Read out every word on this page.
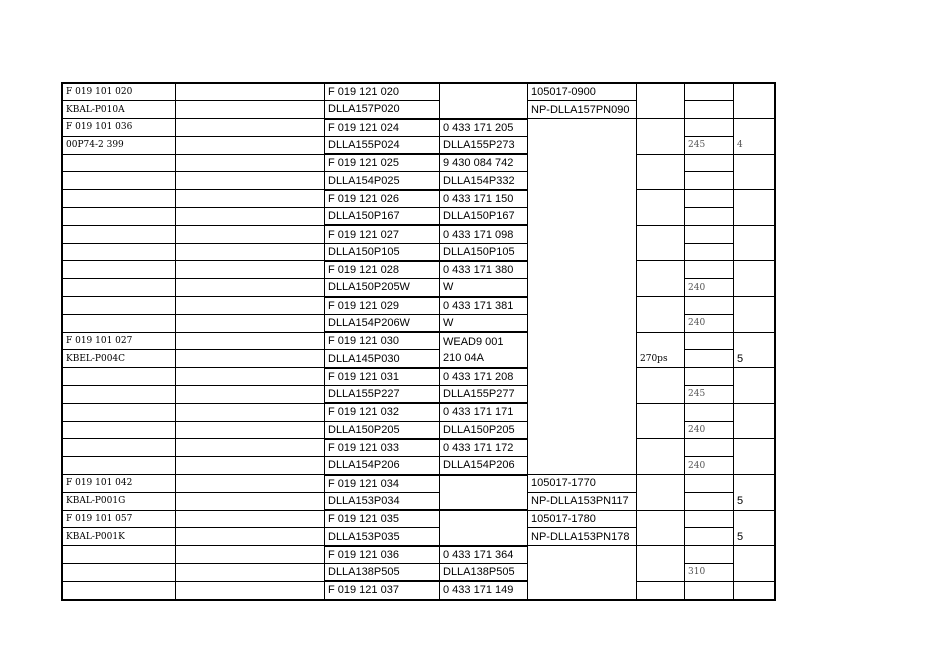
F 019 101 020		F 019 121 020		105017-0900			
KBAL-P010A		DLLA157P020		NP-DLLA157PN090			
F 019 101 036		F 019 121 024	0 433 171 205				
00P74-2 399		DLLA155P024	DLLA155P273			245	4
		F 019 121 025	9 430 084 742				
		DLLA154P025	DLLA154P332				
		F 019 121 026	0 433 171 150				
		DLLA150P167	DLLA150P167				
		F 019 121 027	0 433 171 098				
		DLLA150P105	DLLA150P105				
		F 019 121 028	0 433 171 380				
		DLLA150P205W	W			240	
		F 019 121 029	0 433 171 381				
		DLLA154P206W	W			240	
F 019 101 027		F 019 121 030	WEAD9 001				
KBEL-P004C		DLLA145P030	210 04A		270ps		5
		F 019 121 031	0 433 171 208				
		DLLA155P227	DLLA155P277			245	
		F 019 121 032	0 433 171 171				
		DLLA150P205	DLLA150P205			240	
		F 019 121 033	0 433 171 172				
		DLLA154P206	DLLA154P206			240	
F 019 101 042		F 019 121 034		105017-1770			
KBAL-P001G		DLLA153P034		NP-DLLA153PN117			5
F 019 101 057		F 019 121 035		105017-1780			
KBAL-P001K		DLLA153P035		NP-DLLA153PN178			5
		F 019 121 036	0 433 171 364				
		DLLA138P505	DLLA138P505			310	
		F 019 121 037	0 433 171 149				
